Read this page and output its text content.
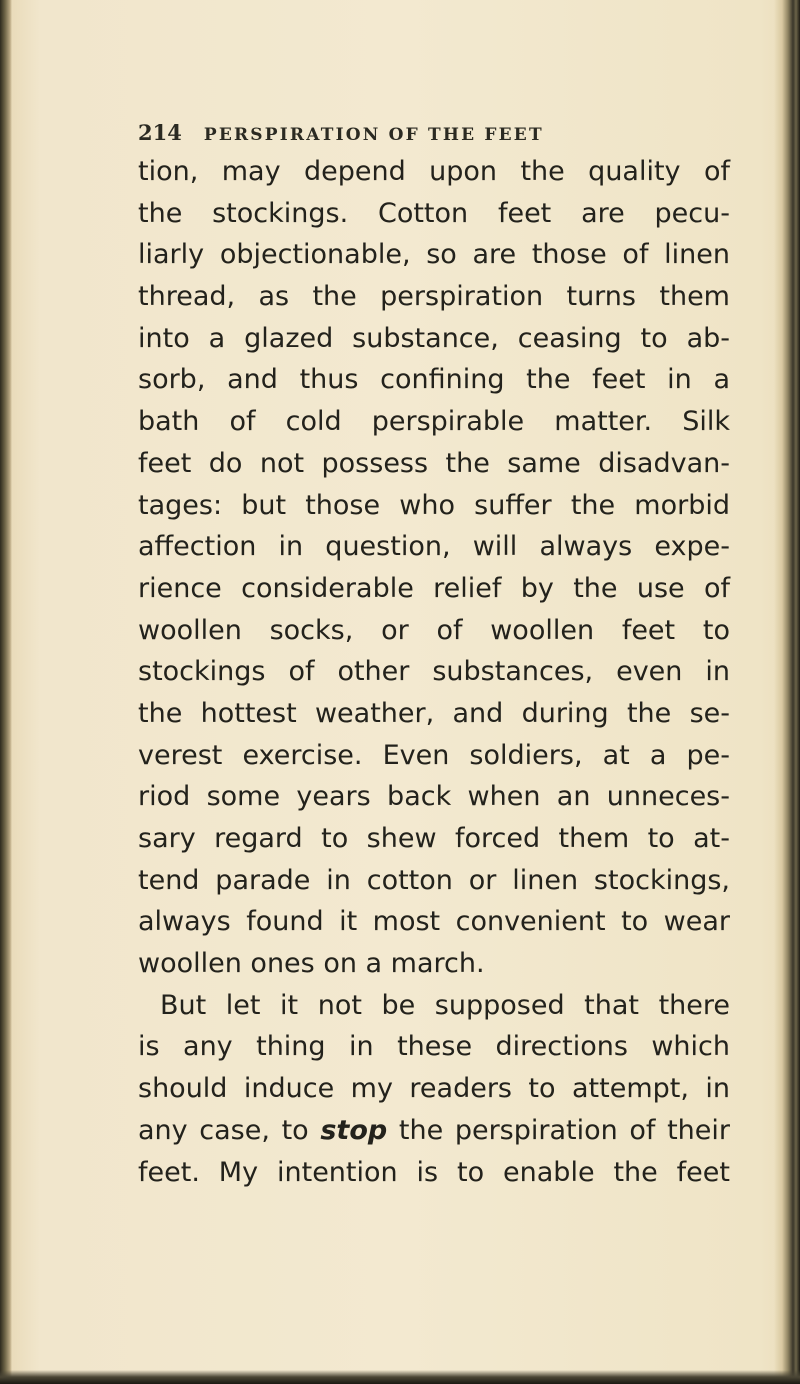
214 PERSPIRATION OF THE FEET
tion, may depend upon the quality of
the stockings. Cotton feet are pecu-
liarly objectionable, so are those of linen
thread, as the perspiration turns them
into a glazed substance, ceasing to ab-
sorb, and thus confining the feet in a
bath of cold perspirable matter. Silk
feet do not possess the same disadvan-
tages: but those who suffer the morbid
affection in question, will always expe-
rience considerable relief by the use of
woollen socks, or of woollen feet to
stockings of other substances, even in
the hottest weather, and during the se-
verest exercise. Even soldiers, at a pe-
riod some years back when an unneces-
sary regard to shew forced them to at-
tend parade in cotton or linen stockings,
always found it most convenient to wear
woollen ones on a march.
But let it not be supposed that there
is any thing in these directions which
should induce my readers to attempt, in
any case, to stop the perspiration of their
feet. My intention is to enable the feet
